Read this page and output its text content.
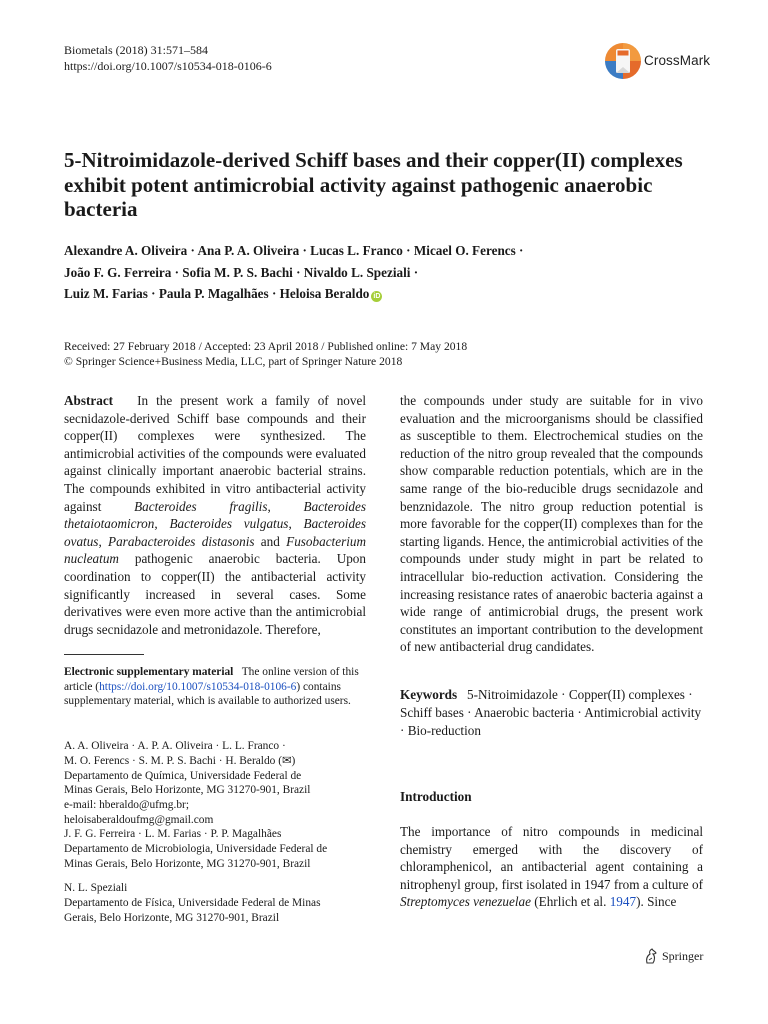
Biometals (2018) 31:571–584
https://doi.org/10.1007/s10534-018-0106-6	CrossMark
5-Nitroimidazole-derived Schiff bases and their copper(II) complexes exhibit potent antimicrobial activity against pathogenic anaerobic bacteria
Alexandre A. Oliveira · Ana P. A. Oliveira · Lucas L. Franco · Micael O. Ferencs ·
João F. G. Ferreira · Sofia M. P. S. Bachi · Nivaldo L. Speziali ·
Luiz M. Farias · Paula P. Magalhães · Heloisa Beraldo iD
Received: 27 February 2018 / Accepted: 23 April 2018 / Published online: 7 May 2018
© Springer Science+Business Media, LLC, part of Springer Nature 2018
Abstract In the present work a family of novel secnidazole-derived Schiff base compounds and their copper(II) complexes were synthesized. The antimicrobial activities of the compounds were evaluated against clinically important anaerobic bacterial strains. The compounds exhibited in vitro antibacterial activity against Bacteroides fragilis, Bacteroides thetaiotaomicron, Bacteroides vulgatus, Bacteroides ovatus, Parabacteroides distasonis and Fusobacterium nucleatum pathogenic anaerobic bacteria. Upon coordination to copper(II) the antibacterial activity significantly increased in several cases. Some derivatives were even more active than the antimicrobial drugs secnidazole and metronidazole. Therefore,
the compounds under study are suitable for in vivo evaluation and the microorganisms should be classified as susceptible to them. Electrochemical studies on the reduction of the nitro group revealed that the compounds show comparable reduction potentials, which are in the same range of the bio-reducible drugs secnidazole and benznidazole. The nitro group reduction potential is more favorable for the copper(II) complexes than for the starting ligands. Hence, the antimicrobial activities of the compounds under study might in part be related to intracellular bio-reduction activation. Considering the increasing resistance rates of anaerobic bacteria against a wide range of antimicrobial drugs, the present work constitutes an important contribution to the development of new antibacterial drug candidates.
Electronic supplementary material The online version of this article (https://doi.org/10.1007/s10534-018-0106-6) contains supplementary material, which is available to authorized users.
A. A. Oliveira · A. P. A. Oliveira · L. L. Franco ·
M. O. Ferencs · S. M. P. S. Bachi · H. Beraldo (✉)
Departamento de Química, Universidade Federal de
Minas Gerais, Belo Horizonte, MG 31270-901, Brazil
e-mail: hberaldo@ufmg.br;
heloisaberaldoufmg@gmail.com
J. F. G. Ferreira · L. M. Farias · P. P. Magalhães
Departamento de Microbiologia, Universidade Federal de
Minas Gerais, Belo Horizonte, MG 31270-901, Brazil
N. L. Speziali
Departamento de Física, Universidade Federal de Minas
Gerais, Belo Horizonte, MG 31270-901, Brazil
Keywords 5-Nitroimidazole · Copper(II) complexes · Schiff bases · Anaerobic bacteria · Antimicrobial activity · Bio-reduction
Introduction
The importance of nitro compounds in medicinal chemistry emerged with the discovery of chloramphenicol, an antibacterial agent containing a nitrophenyl group, first isolated in 1947 from a culture of Streptomyces venezuelae (Ehrlich et al. 1947). Since
Springer
